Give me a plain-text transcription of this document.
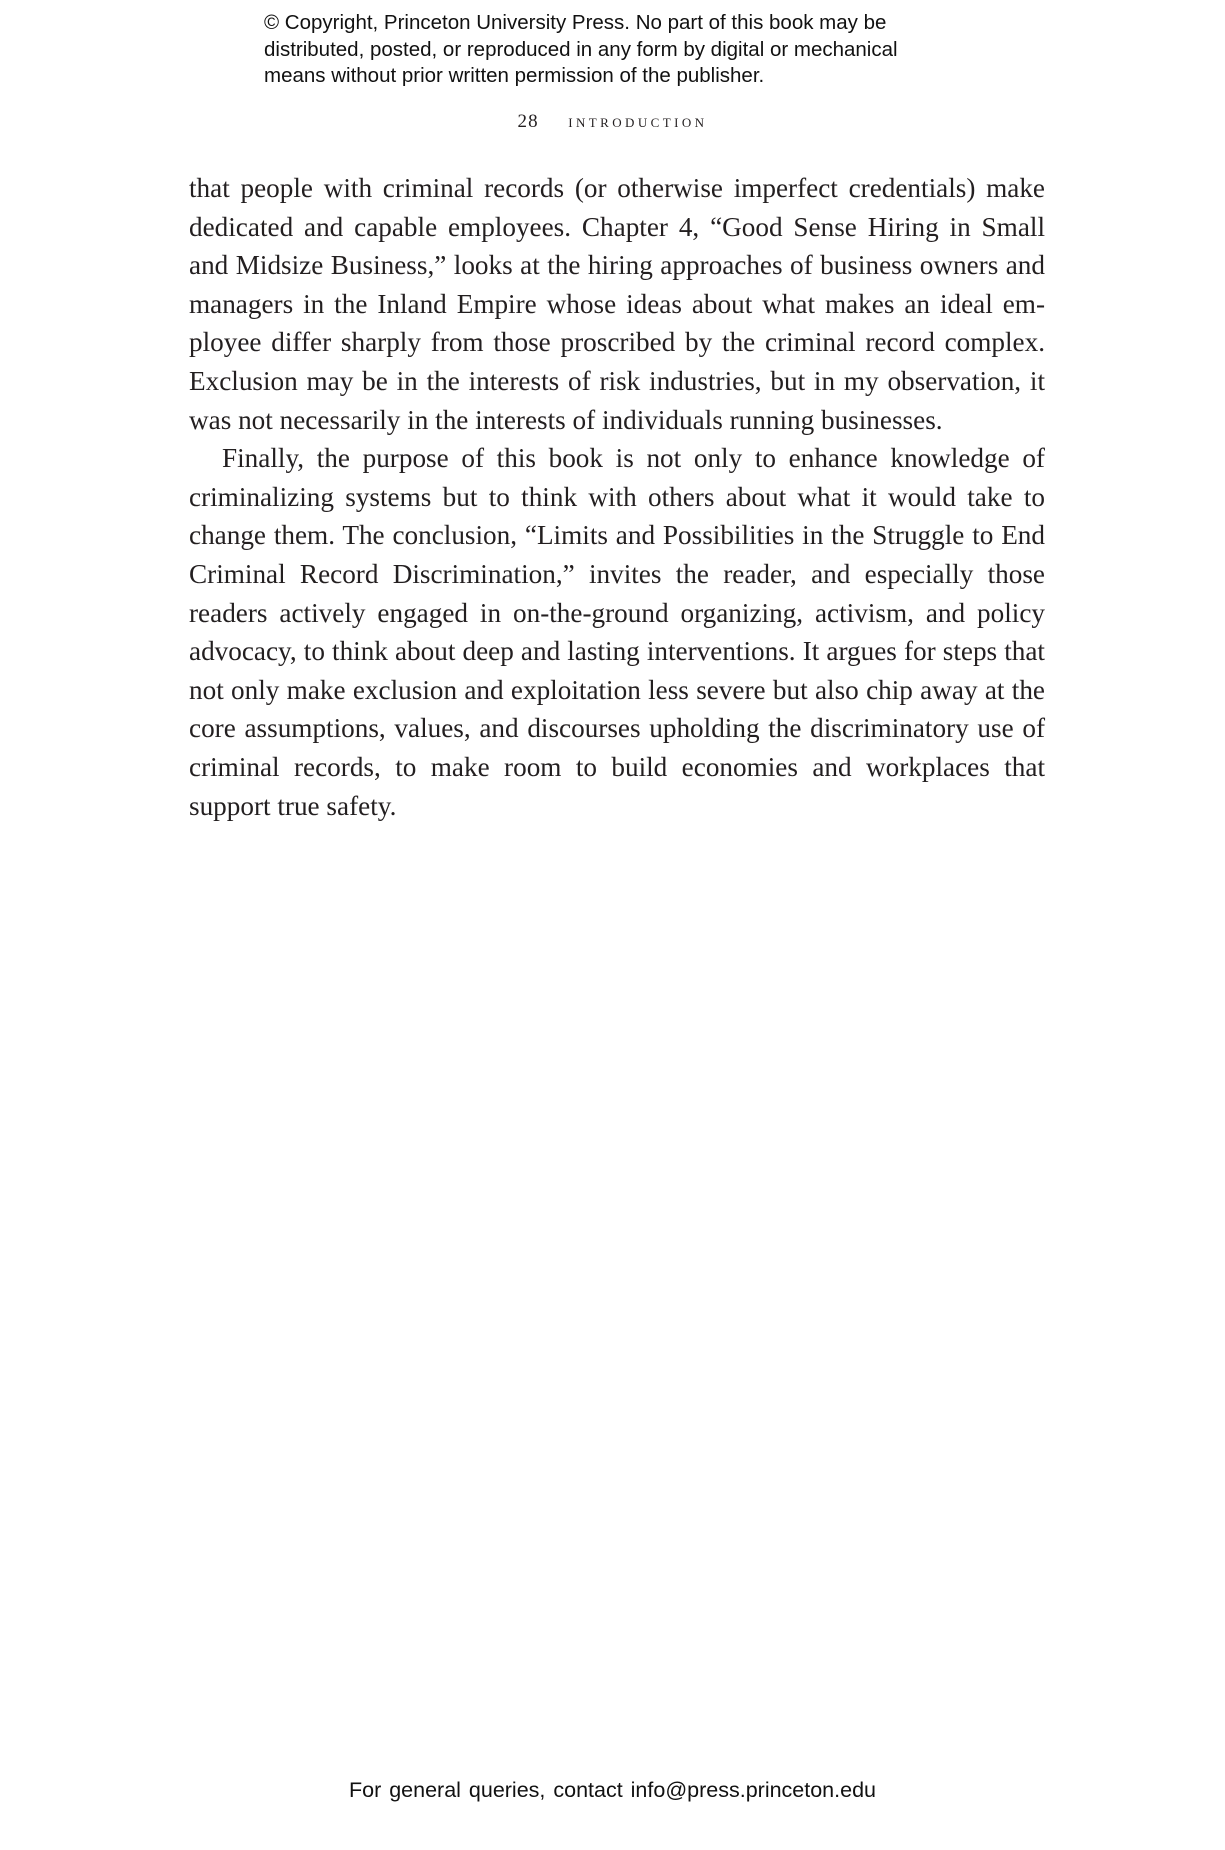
© Copyright, Princeton University Press. No part of this book may be
distributed, posted, or reproduced in any form by digital or mechanical
means without prior written permission of the publisher.
28 introduction

that people with criminal records (or otherwise imperfect credentials) make dedicated and capable employees. Chapter 4, “Good Sense Hiring in Small and Midsize Business,” looks at the hiring approaches of business owners and managers in the Inland Empire whose ideas about what makes an ideal employee differ sharply from those proscribed by the criminal record complex. Exclusion may be in the interests of risk industries, but in my observation, it was not necessarily in the interests of individuals running businesses.

Finally, the purpose of this book is not only to enhance knowledge of criminalizing systems but to think with others about what it would take to change them. The conclusion, “Limits and Possibilities in the Struggle to End Criminal Record Discrimination,” invites the reader, and especially those readers actively engaged in on-the-ground organizing, activism, and policy advocacy, to think about deep and lasting interventions. It argues for steps that not only make exclusion and exploitation less severe but also chip away at the core assumptions, values, and discourses upholding the discriminatory use of criminal records, to make room to build economies and workplaces that support true safety.

For general queries, contact info@press.princeton.edu
